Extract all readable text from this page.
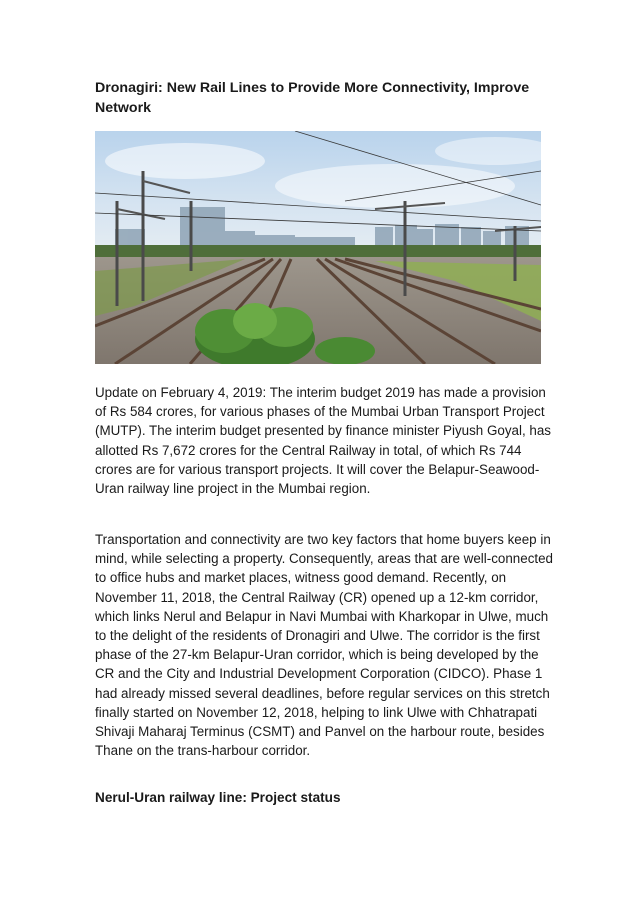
Dronagiri: New Rail Lines to Provide More Connectivity, Improve Network

Update on February 4, 2019: The interim budget 2019 has made a provision of Rs 584 crores, for various phases of the Mumbai Urban Transport Project (MUTP). The interim budget presented by finance minister Piyush Goyal, has allotted Rs 7,672 crores for the Central Railway in total, of which Rs 744 crores are for various transport projects. It will cover the Belapur-Seawood-Uran railway line project in the Mumbai region.

Transportation and connectivity are two key factors that home buyers keep in mind, while selecting a property. Consequently, areas that are well-connected to office hubs and market places, witness good demand. Recently, on November 11, 2018, the Central Railway (CR) opened up a 12-km corridor, which links Nerul and Belapur in Navi Mumbai with Kharkopar in Ulwe, much to the delight of the residents of Dronagiri and Ulwe. The corridor is the first phase of the 27-km Belapur-Uran corridor, which is being developed by the CR and the City and Industrial Development Corporation (CIDCO). Phase 1 had already missed several deadlines, before regular services on this stretch finally started on November 12, 2018, helping to link Ulwe with Chhatrapati Shivaji Maharaj Terminus (CSMT) and Panvel on the harbour route, besides Thane on the trans-harbour corridor.

Nerul-Uran railway line: Project status
